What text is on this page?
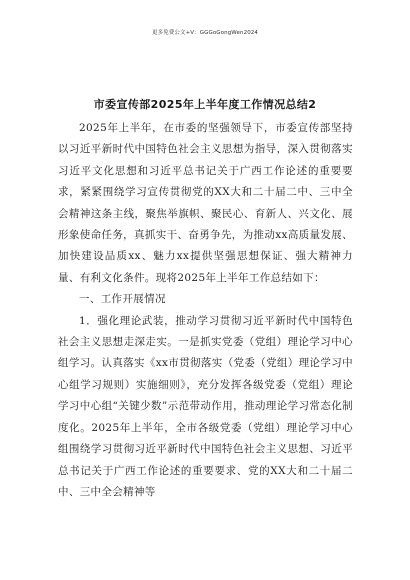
更多免费公文+V：GGGoGongWen2024
市委宣传部2025年上半年度工作情况总结2

2025年上半年，在市委的坚强领导下，市委宣传部坚持以习近平新时代中国特色社会主义思想为指导，深入贯彻落实习近平文化思想和习近平总书记关于广西工作论述的重要要求，紧紧围绕学习宣传贯彻党的XX大和二十届二中、三中全会精神这条主线，聚焦举旗帜、聚民心、育新人、兴文化、展形象使命任务，真抓实干、奋勇争先，为推动xx高质量发展、加快建设品质xx、魅力xx提供坚强思想保证、强大精神力量、有利文化条件。现将2025年上半年工作总结如下：

一、工作开展情况

1．强化理论武装，推动学习贯彻习近平新时代中国特色社会主义思想走深走实。一是抓实党委（党组）理论学习中心组学习。认真落实《xx市贯彻落实（党委（党组）理论学习中心组学习规则）实施细则》，充分发挥各级党委（党组）理论学习中心组“关键少数”示范带动作用，推动理论学习常态化制度化。2025年上半年，全市各级党委（党组）理论学习中心组围绕学习贯彻习近平新时代中国特色社会主义思想、习近平总书记关于广西工作论述的重要要求、党的XX大和二十届二中、三中全会精神等
